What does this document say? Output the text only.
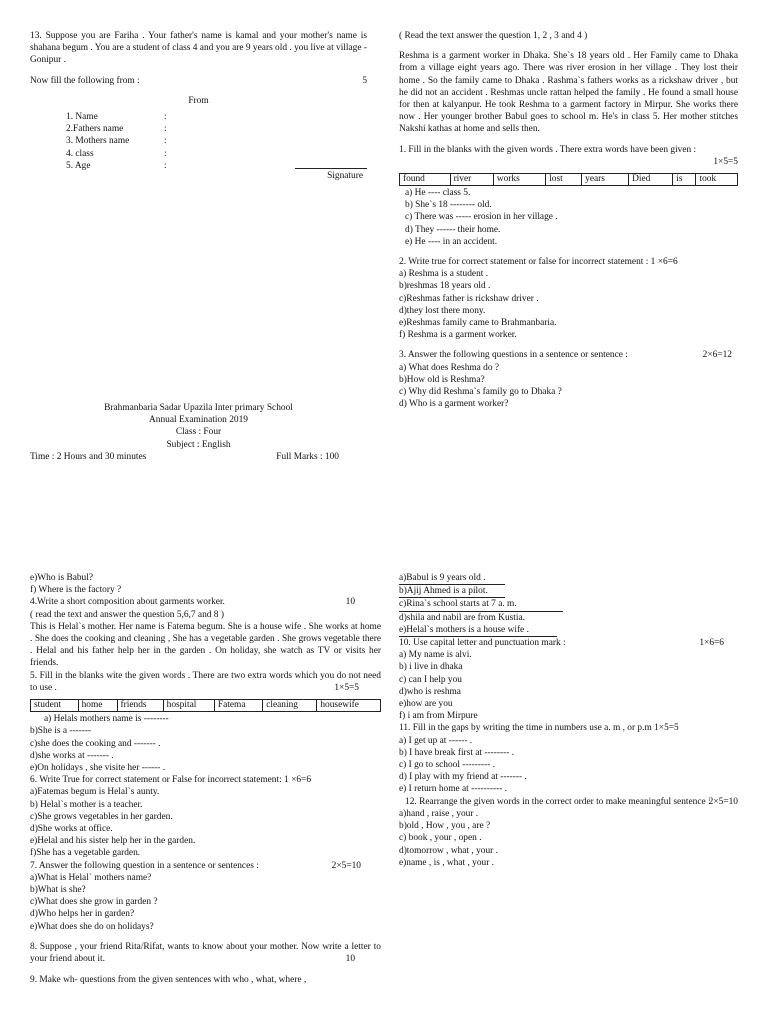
13. Suppose you are Fariha . Your father's name is kamal and your mother's name is shahana begum . You are a student of class 4 and you are 9 years old . you live at village - Gonipur .

Now fill the following from :	5

From

1. Name	:
2.Fathers name	:
3. Mothers name	:
4. class	:
5. Age	:
Signature

Brahmanbaria Sadar Upazila Inter primary School

Annual Examination 2019

Class : Four

Subject : English

Time : 2 Hours and 30 minutes	Full Marks : 100

( Read the text answer the question 1, 2 , 3 and 4 )

Reshma is a garment worker in Dhaka. She`s 18 years old . Her Family came to Dhaka from a village eight years ago. There was river erosion in her village . They lost their home . So the family came to Dhaka . Rashma`s fathers works as a rickshaw driver , but he did not an accident . Reshmas uncle rattan helped the family . He found a small house for then at kalyanpur. He took Reshma to a garment factory in Mirpur. She works there now . Her younger brother Babul goes to school m. He's in class 5. Her mother stitches Nakshi kathas at home and sells then.

1. Fill in the blanks with the given words . There extra words have been given :

1×5=5
found	river	works	lost	years	Died	is	took

a) He ---- class 5.

b) She`s 18 -------- old.

c) There was ----- erosion in her village .

d) They ------ their home.

e) He ---- in an accident.

2. Write true for correct statement or false for incorrect statement : 1 ×6=6

a) Reshma is a student .

b)reshmas 18 years old .

c)Reshmas father is rickshaw driver .

d)they lost there mony.

e)Reshmas family came to Brahmanbaria.

f) Reshma is a garment worker.

3. Answer the following questions in a sentence or sentence :	2×6=12

a) What does Reshma do ?

b)How old is Reshma?

c) Why did Reshma`s family go to Dhaka ?

d) Who is a garment worker?

e)Who is Babul?

f) Where is the factory ?

4.Write a short composition about garments worker.	10

( read the text and answer the question 5,6,7 and 8 )

This is Helal`s mother. Her name is Fatema begum. She is a house wife . She works at home . She does the cooking and cleaning , She has a vegetable garden . She grows vegetable there . Helal and his father help her in the garden . On holiday, she watch as TV or visits her friends.

5. Fill in the blanks wite the given words . There are two extra words which you do not need to use .	1×5=5
student	home	friends	hospital	Fatema	cleaning	housewife

a) Helals mothers name is --------

b)She is a -------

c)she does the cooking and ------- .

d)she works at ------- .

e)On holidays , she visite her ------ .

6. Write True for correct statement or False for incorrect statement: 1 ×6=6

a)Fatemas begum is Helal`s aunty.

b) Helal`s mother is a teacher.

c)She grows vegetables in her garden.

d)She works at office.

e)Helal and his sister help her in the garden.

f)She has a vegetable garden.

7. Answer the following question in a sentence or sentences :	2×5=10

a)What is Helal` mothers name?

b)What is she?

c)What does she grow in garden ?

d)Who helps her in garden?

e)What does she do on holidays?

8. Suppose , your friend Rita/Rifat, wants to know about your mother. Now write a letter to your friend about it.	10

9. Make wh- questions from the given sentences with who , what, where ,

a)Babul is 9 years old .

b)Ajij Ahmed is a pilot.

c)Rina`s school starts at 7 a. m.

d)shila and nabil are from Kustia.

e)Helal`s mothers is a house wife .

10. Use capital letter and punctuation mark :	1×6=6

a) My name is alvi.

b) i live in dhaka

c) can I help you

d)who is reshma

e)how are you

f) i am from Mirpure

11. Fill in the gaps by writing the time in numbers use a. m , or p.m 1×5=5

a) I get up at ------ .

b) I have break first at -------- .

c) I go to school --------- .

d) I play with my friend at ------- .

e) I return home at ---------- .

12. Rearrange the given words in the correct order to make meaningful sentence :

2×5=10

a)hand , raise , your .

b)old , How , you , are ?

c) book , your , open .

d)tomorrow , what , your .

e)name , is , what , your .
